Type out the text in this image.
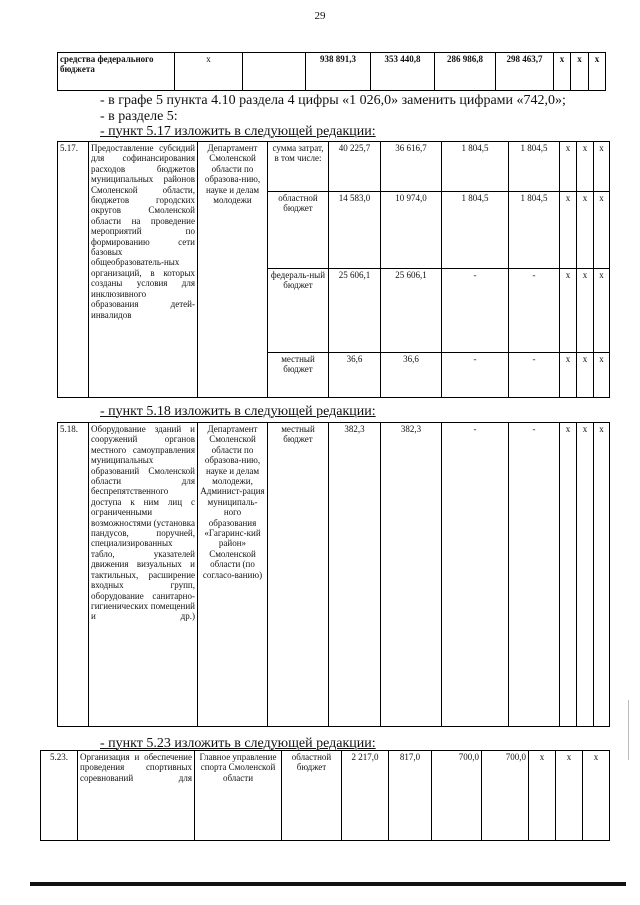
29
средства федерального бюджета	х		938 891,3	353 440,8	286 986,8	298 463,7	х	х	х
- в графе 5 пункта 4.10 раздела 4 цифры «1 026,0» заменить цифрами «742,0»;
- в разделе 5:
- пункт 5.17 изложить в следующей редакции:
5.17.	Предоставление субсидий для софинансирования расходов бюджетов муниципальных районов Смоленской области, бюджетов городских округов Смоленской области на проведение мероприятий по формированию сети базовых общеобразователь-ных организаций, в которых созданы условия для инклюзивного образования детей-инвалидов	Департамент Смоленской области по образова-нию, науке и делам молодежи	сумма затрат, в том числе:	40 225,7	36 616,7	1 804,5	1 804,5	х	х	х
			областной бюджет	14 583,0	10 974,0	1 804,5	1 804,5	х	х	х
			федераль-ный бюджет	25 606,1	25 606,1	-	-	х	х	х
			местный бюджет	36,6	36,6	-	-	х	х	х
- пункт 5.18 изложить в следующей редакции:
5.18.	Оборудование зданий и сооружений органов местного самоуправления муниципальных образований Смоленской области для беспрепятственного доступа к ним лиц с ограниченными возможностями (установка пандусов, поручней, специализированных табло, указателей движения визуальных и тактильных, расширение входных групп, оборудование санитарно-гигиенических помещений и др.)	Департамент Смоленской области по образова-нию, науке и делам молодежи, Админист-рация муниципаль-ного образования «Гагаринс-кий район» Смоленской области (по согласо-ванию)	местный бюджет	382,3	382,3	-	-	х	х	х
- пункт 5.23 изложить в следующей редакции:
5.23.	Организация и обеспечение проведения спортивных соревнований для	Главное управление спорта Смоленской области	областной бюджет	2 217,0	817,0	700,0	700,0	х	х	х
